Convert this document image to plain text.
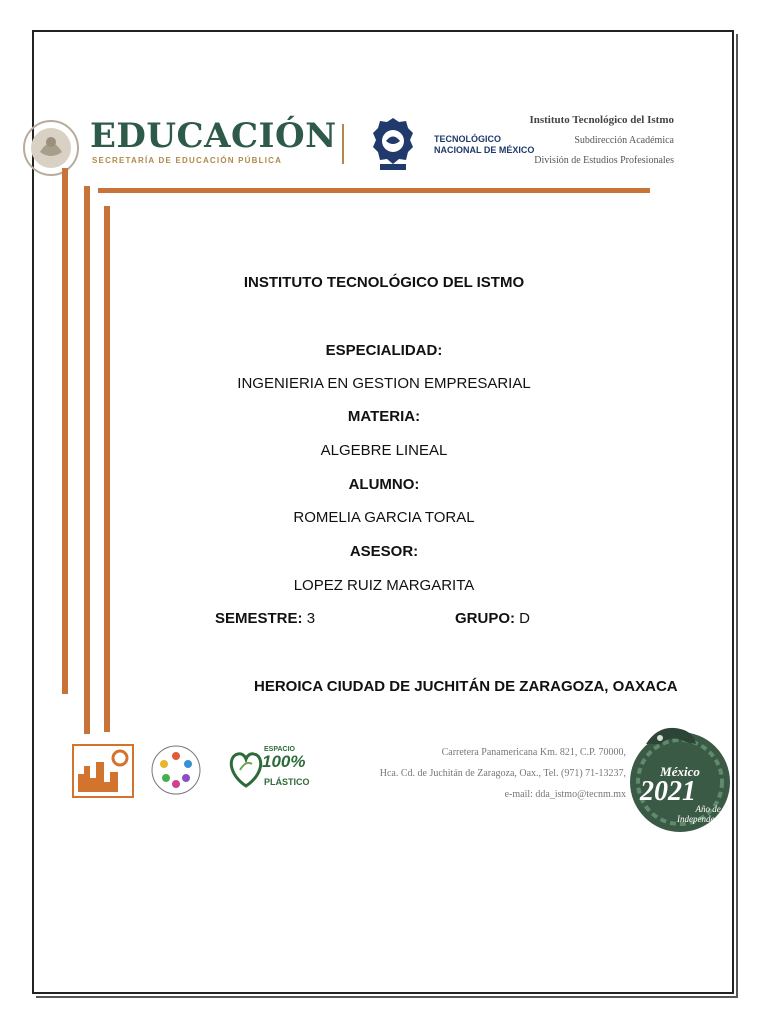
EDUCACIÓN
SECRETARÍA DE EDUCACIÓN PÚBLICA
TECNOLÓGICO
NACIONAL DE MÉXICO
Instituto Tecnológico del Istmo
Subdirección Académica
División de Estudios Profesionales
INSTITUTO TECNOLÓGICO DEL ISTMO
ESPECIALIDAD:
INGENIERIA EN GESTION EMPRESARIAL
MATERIA:
ALGEBRE LINEAL
ALUMNO:
ROMELIA GARCIA TORAL
ASESOR:
LOPEZ RUIZ MARGARITA
SEMESTRE: 3	GRUPO: D
HEROICA CIUDAD DE JUCHITÁN DE ZARAGOZA, OAXACA
ESPACIO
100%
PLÁSTICO
Carretera Panamericana Km. 821, C.P. 70000,
Hca. Cd. de Juchitán de Zaragoza, Oax., Tel. (971) 71-13237,
e-mail: dda_istmo@tecnm.mx
México
2021
Año de la
Independencia
